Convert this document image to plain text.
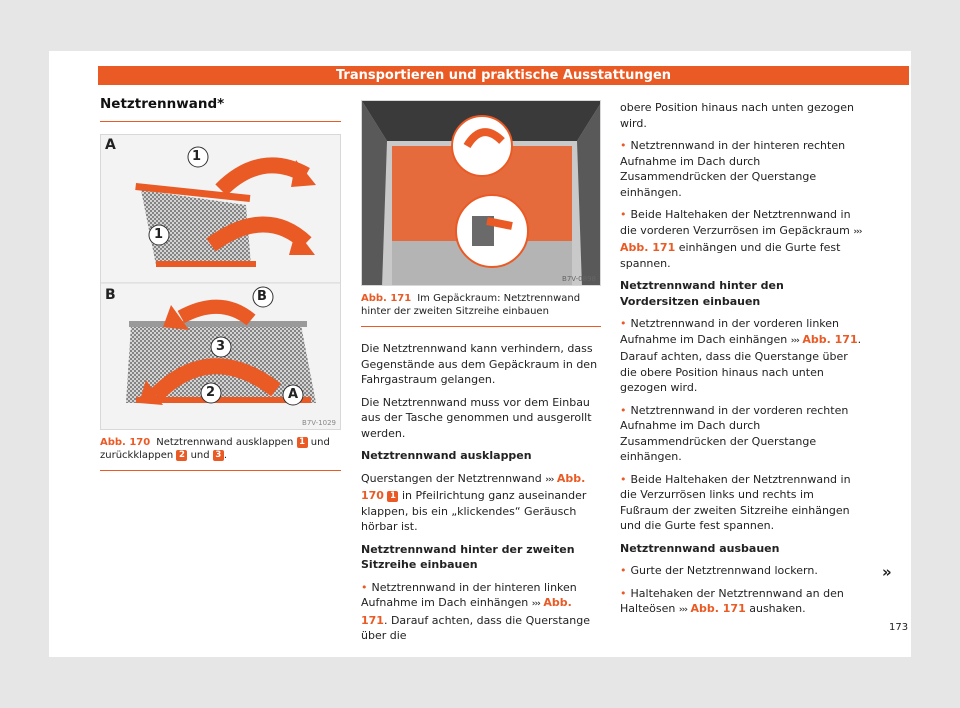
Transportieren und praktische Ausstattungen
Netztrennwand*
A
B
1
1
B
3
2	A
B7V-1029
Abb. 170 Netztrennwand ausklappen 1 und zurückklappen 2 und 3 .
B7V-0898
Abb. 171 Im Gepäckraum: Netztrennwand hinter der zweiten Sitzreihe einbauen

Die Netztrennwand kann verhindern, dass Gegenstände aus dem Gepäckraum in den Fahrgastraum gelangen.

Die Netztrennwand muss vor dem Einbau aus der Tasche genommen und ausgerollt werden.

Netztrennwand ausklappen

Querstangen der Netztrennwand ››› Abb. 170 1 in Pfeilrichtung ganz auseinander klappen, bis ein „klickendes“ Geräusch hörbar ist.

Netztrennwand hinter der zweiten Sitzreihe einbauen

• Netztrennwand in der hinteren linken Aufnahme im Dach einhängen ››› Abb. 171. Darauf achten, dass die Querstange über die

obere Position hinaus nach unten gezogen wird.

• Netztrennwand in der hinteren rechten Aufnahme im Dach durch Zusammendrücken der Querstange einhängen.

• Beide Haltehaken der Netztrennwand in die vorderen Verzurrösen im Gepäckraum ››› Abb. 171 einhängen und die Gurte fest spannen.

Netztrennwand hinter den Vordersitzen einbauen

• Netztrennwand in der vorderen linken Aufnahme im Dach einhängen ››› Abb. 171. Darauf achten, dass die Querstange über die obere Position hinaus nach unten gezogen wird.

• Netztrennwand in der vorderen rechten Aufnahme im Dach durch Zusammendrücken der Querstange einhängen.

• Beide Haltehaken der Netztrennwand in die Verzurrösen links und rechts im Fußraum der zweiten Sitzreihe einhängen und die Gurte fest spannen.

Netztrennwand ausbauen

• Gurte der Netztrennwand lockern.

• Haltehaken der Netztrennwand an den Halteösen ››› Abb. 171 aushaken.

»
173
